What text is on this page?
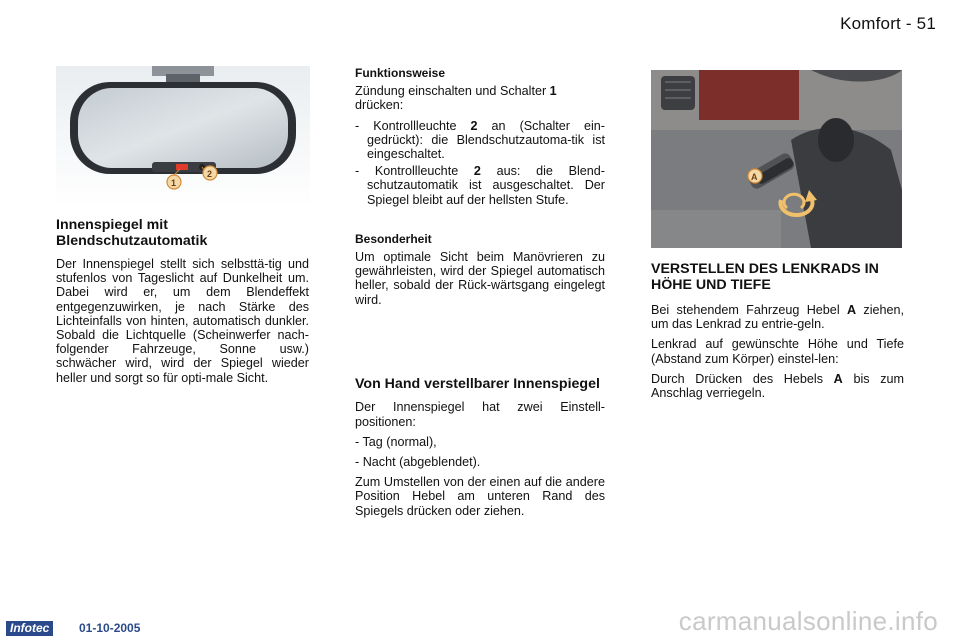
Komfort - 51
1
2	A
Innenspiegel mit Blendschutzautomatik

Der Innenspiegel stellt sich selbsttä-tig und stufenlos von Tageslicht auf Dunkelheit um. Dabei wird er, um dem Blendeffekt entgegenzuwirken, je nach Stärke des Lichteinfalls von hinten, automatisch dunkler. Sobald die Lichtquelle (Scheinwerfer nach-folgender Fahrzeuge, Sonne usw.) schwächer wird, wird der Spiegel wieder heller und sorgt so für opti-male Sicht.

Funktionsweise

Zündung einschalten und Schalter 1 drücken:

- Kontrollleuchte 2 an (Schalter ein-gedrückt): die Blendschutzautoma-tik ist eingeschaltet.

- Kontrollleuchte 2 aus: die Blend-schutzautomatik ist ausgeschaltet. Der Spiegel bleibt auf der hellsten Stufe.

Besonderheit

Um optimale Sicht beim Manövrieren zu gewährleisten, wird der Spiegel automatisch heller, sobald der Rück-wärtsgang eingelegt wird.

Von Hand verstellbarer Innenspiegel

Der Innenspiegel hat zwei Einstell-positionen:

- Tag (normal),

- Nacht (abgeblendet).

Zum Umstellen von der einen auf die andere Position Hebel am unteren Rand des Spiegels drücken oder ziehen.

VERSTELLEN DES LENKRADS IN HÖHE UND TIEFE

Bei stehendem Fahrzeug Hebel A ziehen, um das Lenkrad zu entrie-geln.

Lenkrad auf gewünschte Höhe und Tiefe (Abstand zum Körper) einstel-len:

Durch Drücken des Hebels A bis zum Anschlag verriegeln.

Infotec	01-10-2005	carmanualsonline.info
